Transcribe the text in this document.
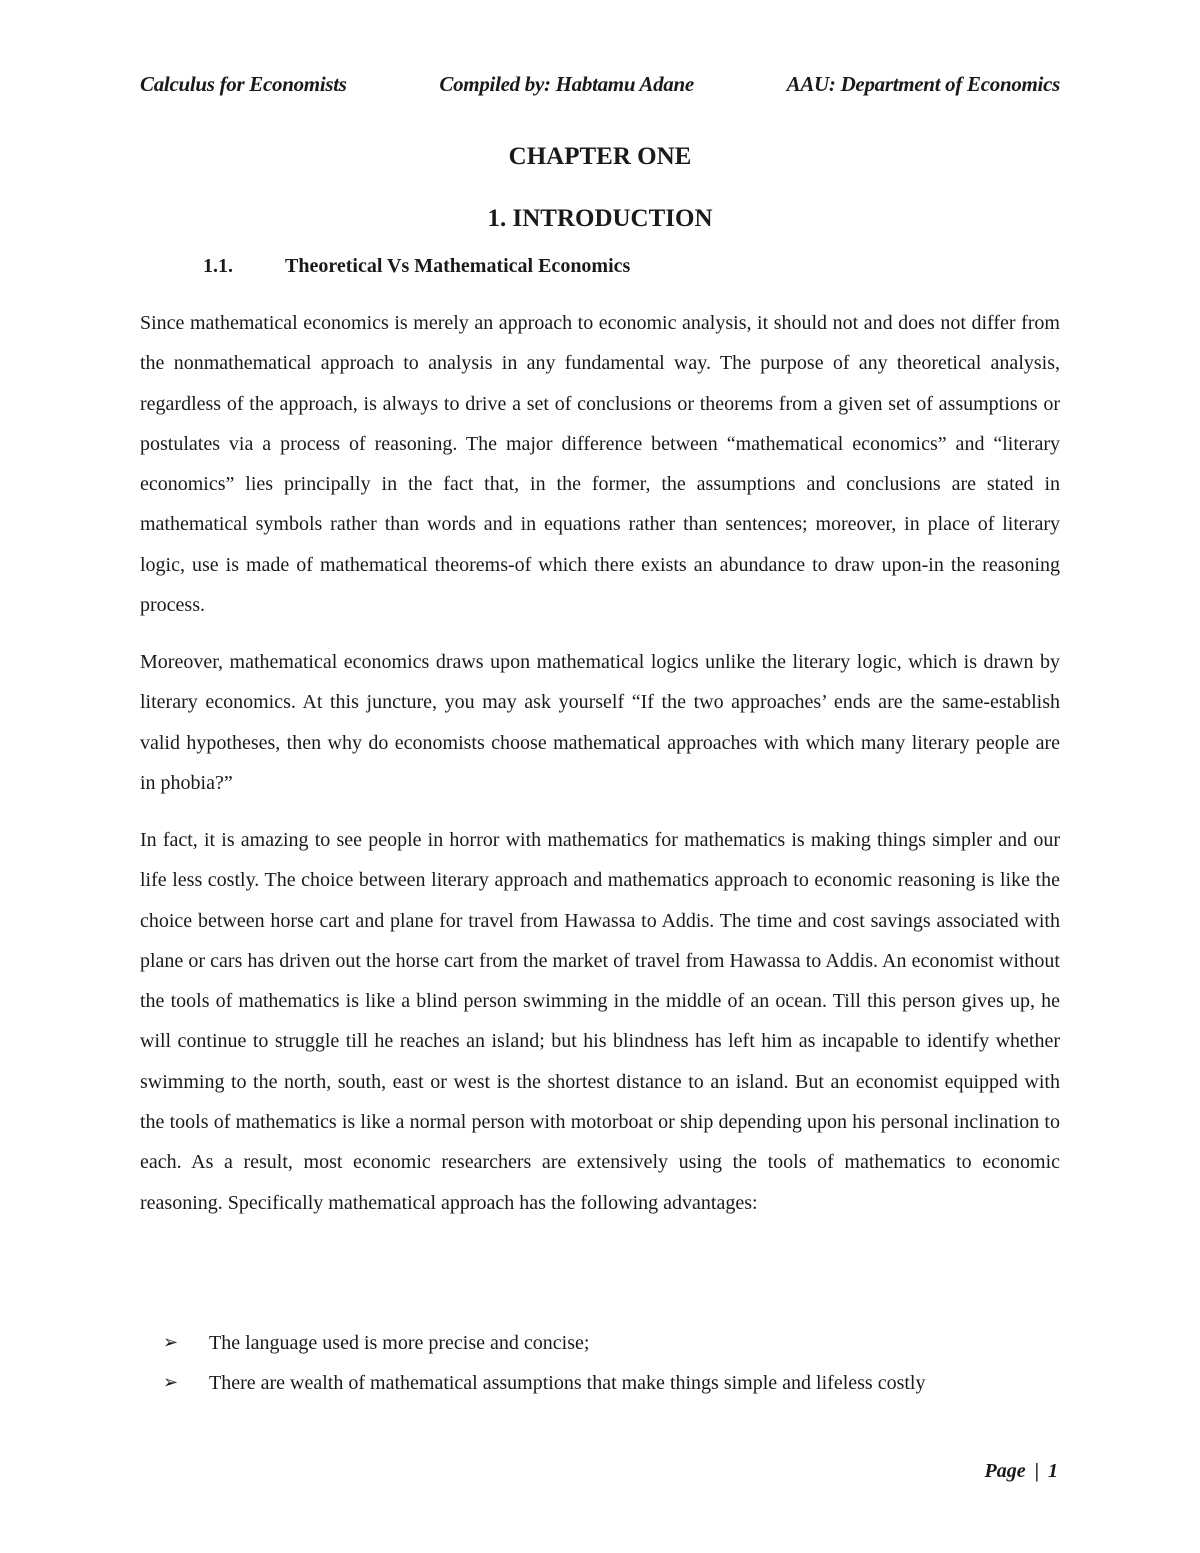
Calculus for Economists	Compiled by: Habtamu Adane	AAU: Department of Economics
CHAPTER ONE
1. INTRODUCTION
1.1.	Theoretical Vs Mathematical Economics

Since mathematical economics is merely an approach to economic analysis, it should not and does not differ from the nonmathematical approach to analysis in any fundamental way. The purpose of any theoretical analysis, regardless of the approach, is always to drive a set of conclusions or theorems from a given set of assumptions or postulates via a process of reasoning. The major difference between “mathematical economics” and “literary economics” lies principally in the fact that, in the former, the assumptions and conclusions are stated in mathematical symbols rather than words and in equations rather than sentences; moreover, in place of literary logic, use is made of mathematical theorems-of which there exists an abundance to draw upon-in the reasoning process.

Moreover, mathematical economics draws upon mathematical logics unlike the literary logic, which is drawn by literary economics. At this juncture, you may ask yourself “If the two approaches’ ends are the same-establish valid hypotheses, then why do economists choose mathematical approaches with which many literary people are in phobia?”

In fact, it is amazing to see people in horror with mathematics for mathematics is making things simpler and our life less costly. The choice between literary approach and mathematics approach to economic reasoning is like the choice between horse cart and plane for travel from Hawassa to Addis. The time and cost savings associated with plane or cars has driven out the horse cart from the market of travel from Hawassa to Addis. An economist without the tools of mathematics is like a blind person swimming in the middle of an ocean. Till this person gives up, he will continue to struggle till he reaches an island; but his blindness has left him as incapable to identify whether swimming to the north, south, east or west is the shortest distance to an island. But an economist equipped with the tools of mathematics is like a normal person with motorboat or ship depending upon his personal inclination to each. As a result, most economic researchers are extensively using the tools of mathematics to economic reasoning. Specifically mathematical approach has the following advantages:

➢	The language used is more precise and concise;
➢	There are wealth of mathematical assumptions that make things simple and lifeless costly
Page | 1
